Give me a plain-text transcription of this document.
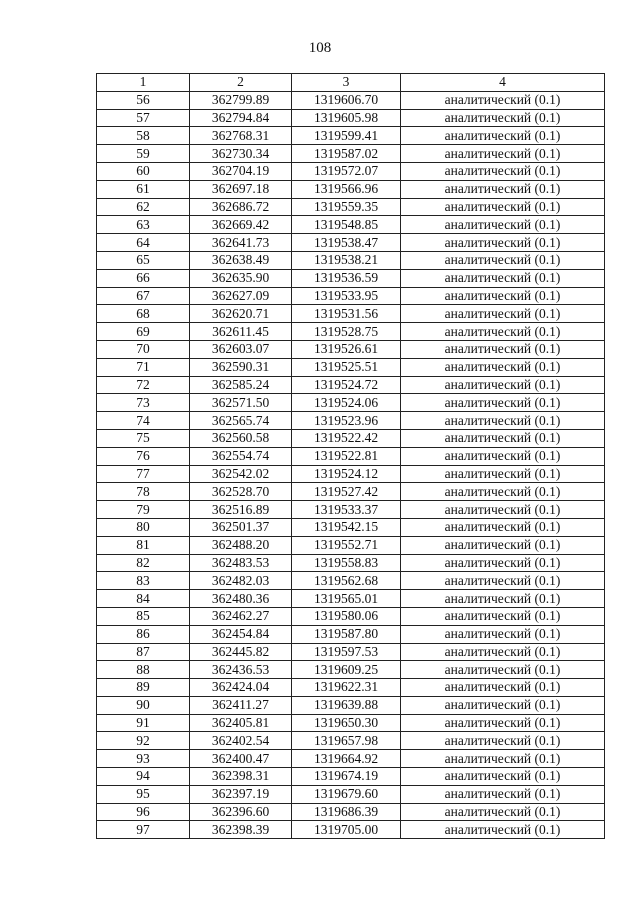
108
1	2	3	4
56	362799.89	1319606.70	аналитический (0.1)
57	362794.84	1319605.98	аналитический (0.1)
58	362768.31	1319599.41	аналитический (0.1)
59	362730.34	1319587.02	аналитический (0.1)
60	362704.19	1319572.07	аналитический (0.1)
61	362697.18	1319566.96	аналитический (0.1)
62	362686.72	1319559.35	аналитический (0.1)
63	362669.42	1319548.85	аналитический (0.1)
64	362641.73	1319538.47	аналитический (0.1)
65	362638.49	1319538.21	аналитический (0.1)
66	362635.90	1319536.59	аналитический (0.1)
67	362627.09	1319533.95	аналитический (0.1)
68	362620.71	1319531.56	аналитический (0.1)
69	362611.45	1319528.75	аналитический (0.1)
70	362603.07	1319526.61	аналитический (0.1)
71	362590.31	1319525.51	аналитический (0.1)
72	362585.24	1319524.72	аналитический (0.1)
73	362571.50	1319524.06	аналитический (0.1)
74	362565.74	1319523.96	аналитический (0.1)
75	362560.58	1319522.42	аналитический (0.1)
76	362554.74	1319522.81	аналитический (0.1)
77	362542.02	1319524.12	аналитический (0.1)
78	362528.70	1319527.42	аналитический (0.1)
79	362516.89	1319533.37	аналитический (0.1)
80	362501.37	1319542.15	аналитический (0.1)
81	362488.20	1319552.71	аналитический (0.1)
82	362483.53	1319558.83	аналитический (0.1)
83	362482.03	1319562.68	аналитический (0.1)
84	362480.36	1319565.01	аналитический (0.1)
85	362462.27	1319580.06	аналитический (0.1)
86	362454.84	1319587.80	аналитический (0.1)
87	362445.82	1319597.53	аналитический (0.1)
88	362436.53	1319609.25	аналитический (0.1)
89	362424.04	1319622.31	аналитический (0.1)
90	362411.27	1319639.88	аналитический (0.1)
91	362405.81	1319650.30	аналитический (0.1)
92	362402.54	1319657.98	аналитический (0.1)
93	362400.47	1319664.92	аналитический (0.1)
94	362398.31	1319674.19	аналитический (0.1)
95	362397.19	1319679.60	аналитический (0.1)
96	362396.60	1319686.39	аналитический (0.1)
97	362398.39	1319705.00	аналитический (0.1)
